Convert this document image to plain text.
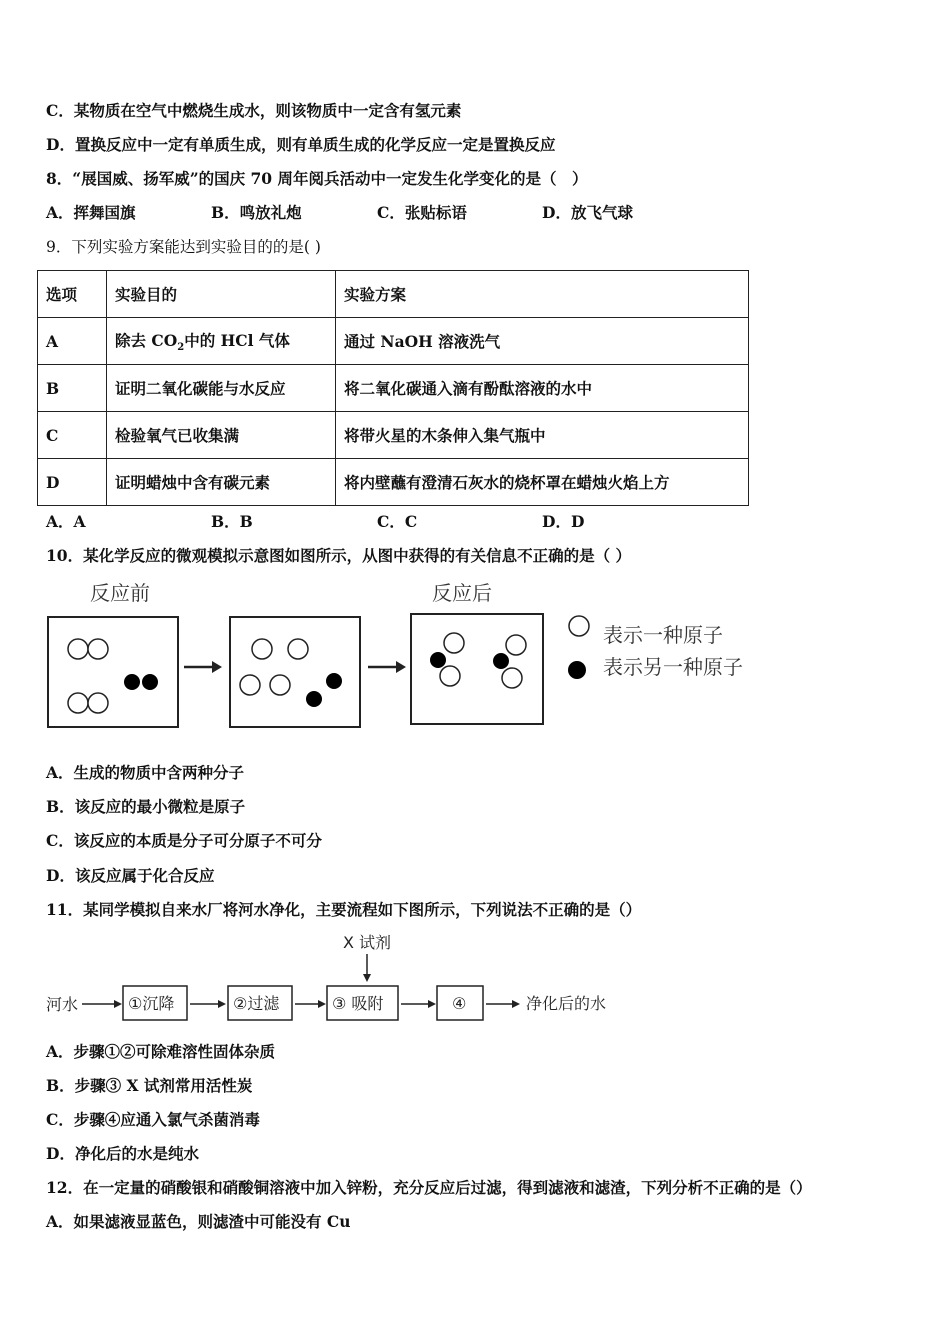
C．某物质在空气中燃烧生成水，则该物质中一定含有氢元素
D．置换反应中一定有单质生成，则有单质生成的化学反应一定是置换反应
8．“展国威、扬军威”的国庆 70 周年阅兵活动中一定发生化学变化的是（　）
A．挥舞国旗	B．鸣放礼炮	C．张贴标语	D．放飞气球
9．下列实验方案能达到实验目的的是( )
选项	实验目的	实验方案
A	除去 $CO_2$中的 HCl 气体	通过 NaOH 溶液洗气
B	证明二氧化碳能与水反应	将二氧化碳通入滴有酚酞溶液的水中
C	检验氧气已收集满	将带火星的木条伸入集气瓶中
D	证明蜡烛中含有碳元素	将内壁蘸有澄清石灰水的烧杯罩在蜡烛火焰上方
A．A	B．B	C．C	D．D
10．某化学反应的微观模拟示意图如图所示，从图中获得的有关信息不正确的是（ ）
反应前	反应后
表示一种原子
表示另一种原子
A．生成的物质中含两种分子
B．该反应的最小微粒是原子
C．该反应的本质是分子可分原子不可分
D．该反应属于化合反应
11．某同学模拟自来水厂将河水净化，主要流程如下图所示，下列说法不正确的是（）
X 试剂
河水	①沉降	②过滤	③ 吸附	④	净化后的水
A．步骤①②可除难溶性固体杂质
B．步骤③ X 试剂常用活性炭
C．步骤④应通入氯气杀菌消毒
D．净化后的水是纯水
12．在一定量的硝酸银和硝酸铜溶液中加入锌粉，充分反应后过滤，得到滤液和滤渣，下列分析不正确的是（）
A．如果滤液显蓝色，则滤渣中可能没有 Cu
